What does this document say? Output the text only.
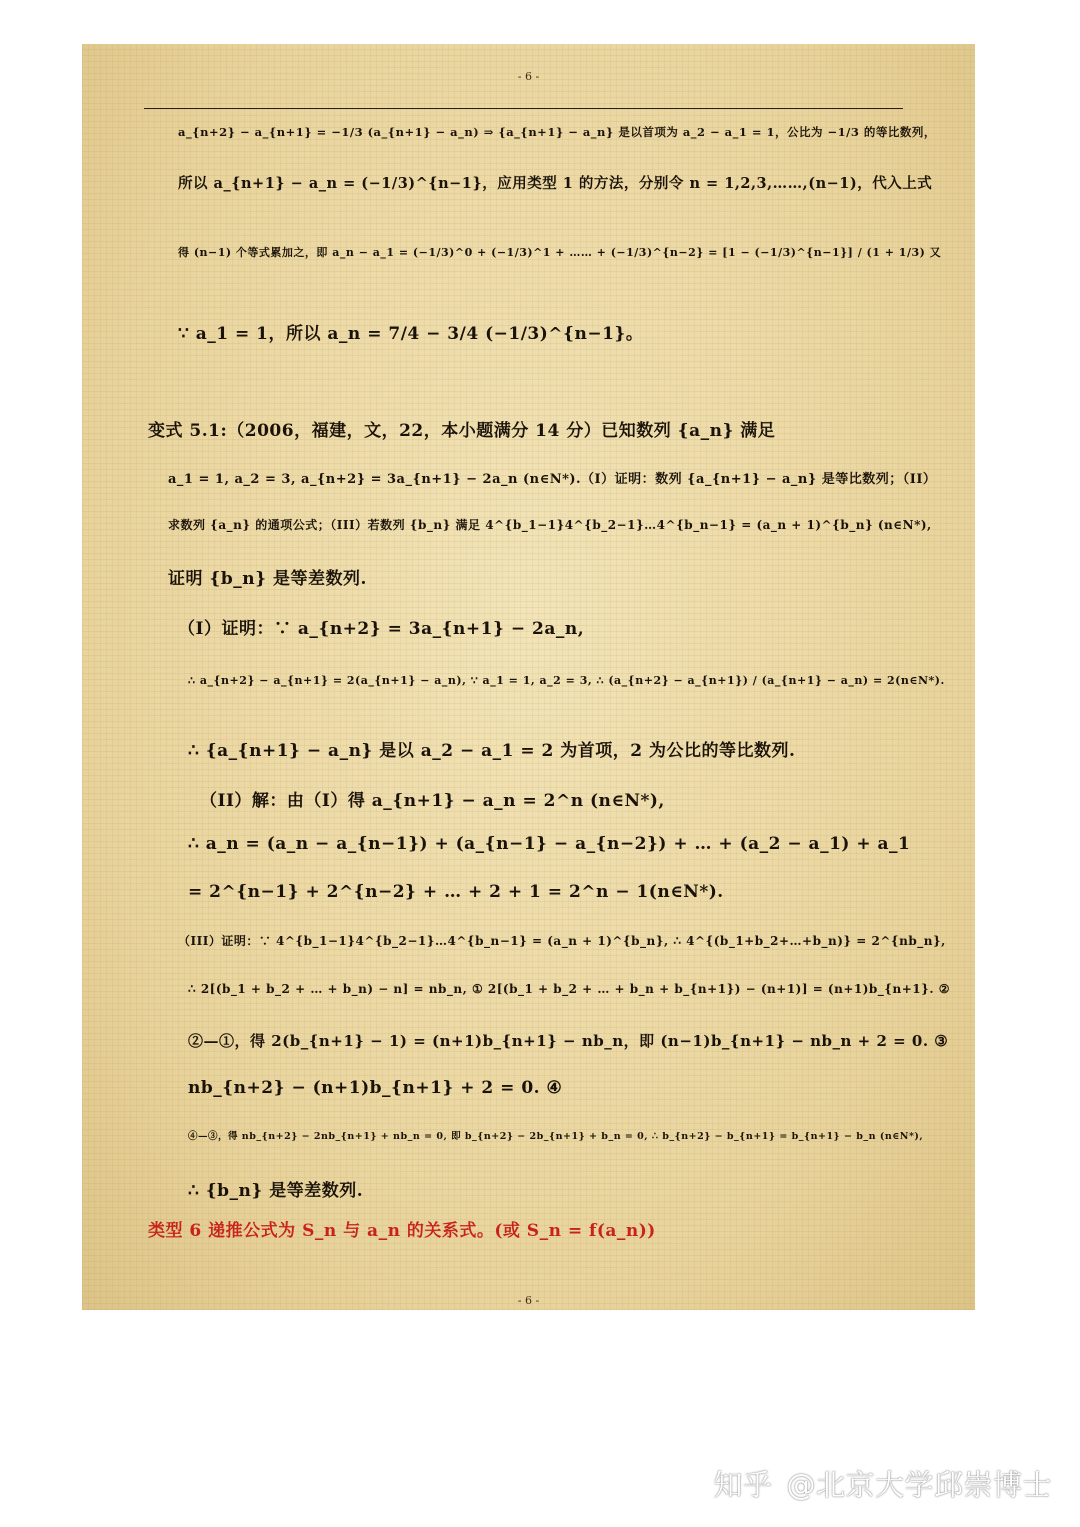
- 6 -
a_{n+2} − a_{n+1} = −1/3 (a_{n+1} − a_n) ⇒ {a_{n+1} − a_n} 是以首项为 a_2 − a_1 = 1，公比为 −1/3 的等比数列，
所以 a_{n+1} − a_n = (−1/3)^{n−1}，应用类型 1 的方法，分别令 n = 1,2,3,……,(n−1)，代入上式
得 (n−1) 个等式累加之，即 a_n − a_1 = (−1/3)^0 + (−1/3)^1 + …… + (−1/3)^{n−2} = [1 − (−1/3)^{n−1}] / (1 + 1/3) 又
∵ a_1 = 1，所以 a_n = 7/4 − 3/4 (−1/3)^{n−1}。
变式 5.1:（2006，福建，文，22，本小题满分 14 分）已知数列 {a_n} 满足
a_1 = 1, a_2 = 3, a_{n+2} = 3a_{n+1} − 2a_n (n∈N*).（I）证明：数列 {a_{n+1} − a_n} 是等比数列；（II）
求数列 {a_n} 的通项公式；（III）若数列 {b_n} 满足 4^{b_1−1}4^{b_2−1}…4^{b_n−1} = (a_n + 1)^{b_n} (n∈N*),
证明 {b_n} 是等差数列.
（I）证明：∵ a_{n+2} = 3a_{n+1} − 2a_n,
∴ a_{n+2} − a_{n+1} = 2(a_{n+1} − a_n), ∵ a_1 = 1, a_2 = 3, ∴ (a_{n+2} − a_{n+1}) / (a_{n+1} − a_n) = 2(n∈N*).
∴ {a_{n+1} − a_n} 是以 a_2 − a_1 = 2 为首项，2 为公比的等比数列.
（II）解：由（I）得 a_{n+1} − a_n = 2^n (n∈N*),
∴ a_n = (a_n − a_{n−1}) + (a_{n−1} − a_{n−2}) + … + (a_2 − a_1) + a_1
= 2^{n−1} + 2^{n−2} + … + 2 + 1 = 2^n − 1(n∈N*).
（III）证明：∵ 4^{b_1−1}4^{b_2−1}…4^{b_n−1} = (a_n + 1)^{b_n}, ∴ 4^{(b_1+b_2+…+b_n)} = 2^{nb_n},
∴ 2[(b_1 + b_2 + … + b_n) − n] = nb_n, ① 2[(b_1 + b_2 + … + b_n + b_{n+1}) − (n+1)] = (n+1)b_{n+1}. ②
②—①，得 2(b_{n+1} − 1) = (n+1)b_{n+1} − nb_n，即 (n−1)b_{n+1} − nb_n + 2 = 0. ③
nb_{n+2} − (n+1)b_{n+1} + 2 = 0. ④
④—③，得 nb_{n+2} − 2nb_{n+1} + nb_n = 0, 即 b_{n+2} − 2b_{n+1} + b_n = 0, ∴ b_{n+2} − b_{n+1} = b_{n+1} − b_n (n∈N*),
∴ {b_n} 是等差数列.
类型 6 递推公式为 S_n 与 a_n 的关系式。(或 S_n = f(a_n))
- 6 -
知乎 @北京大学邱崇博士
